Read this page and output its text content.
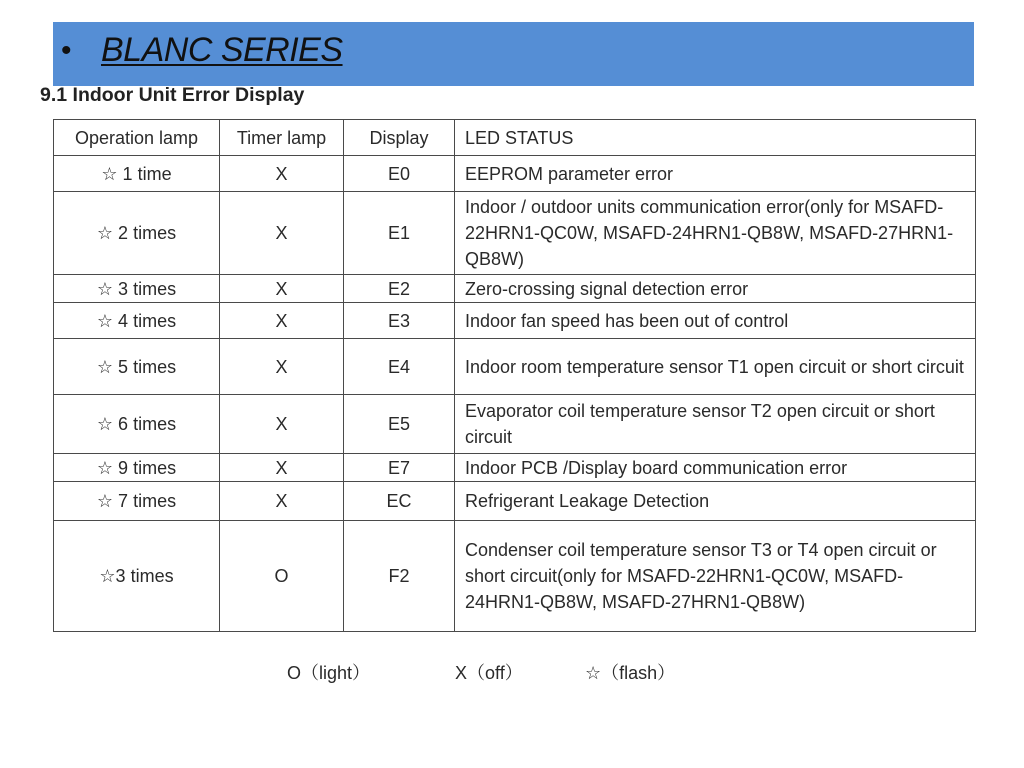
• BLANC SERIES
9.1 Indoor Unit Error Display
Operation lamp	Timer lamp	Display	LED STATUS
☆ 1 time	X	E0	EEPROM parameter error
☆ 2 times	X	E1	Indoor / outdoor units communication error(only for MSAFD-22HRN1-QC0W, MSAFD-24HRN1-QB8W, MSAFD-27HRN1-QB8W)
☆ 3 times	X	E2	Zero-crossing signal detection error
☆ 4 times	X	E3	Indoor fan speed has been out of control
☆ 5 times	X	E4	Indoor room temperature sensor T1 open circuit or short circuit
☆ 6 times	X	E5	Evaporator coil temperature sensor T2 open circuit or short circuit
☆ 9 times	X	E7	Indoor PCB /Display board communication error
☆ 7 times	X	EC	Refrigerant Leakage Detection
☆3 times	O	F2	Condenser coil temperature sensor T3 or T4 open circuit or short circuit(only for MSAFD-22HRN1-QC0W, MSAFD-24HRN1-QB8W, MSAFD-27HRN1-QB8W)
O（light）	X（off）	☆（flash）
